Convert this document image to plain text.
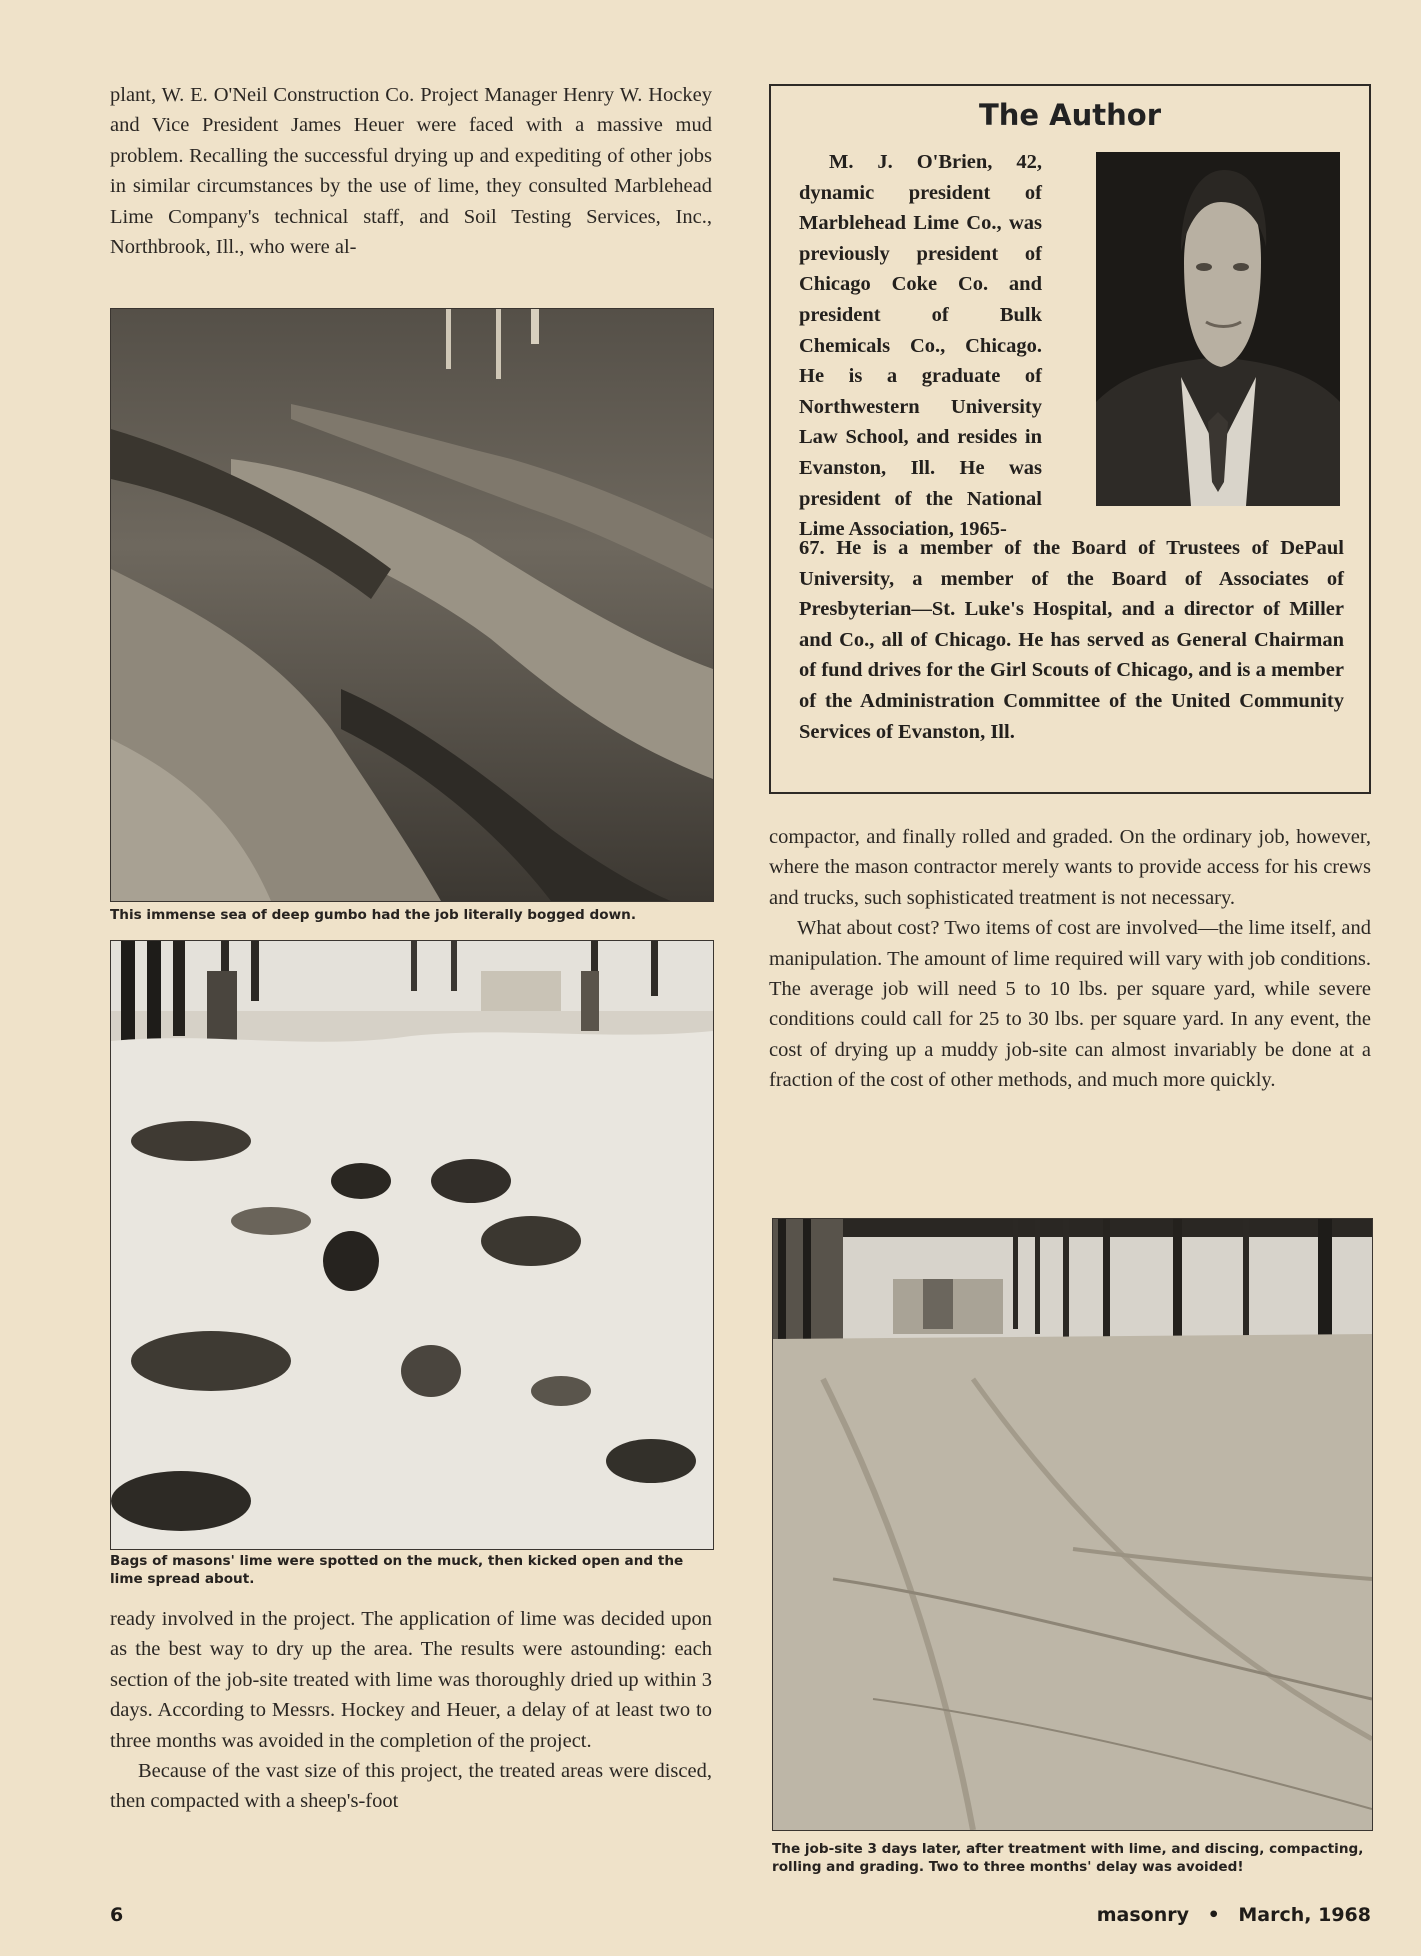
plant, W. E. O'Neil Construction Co. Project Manager Henry W. Hockey and Vice President James Heuer were faced with a massive mud problem. Recalling the successful drying up and expediting of other jobs in similar circumstances by the use of lime, they consulted Marblehead Lime Company's technical staff, and Soil Testing Services, Inc., Northbrook, Ill., who were al-

This immense sea of deep gumbo had the job literally bogged down.
Bags of masons' lime were spotted on the muck, then kicked open and the lime spread about.

ready involved in the project. The application of lime was decided upon as the best way to dry up the area. The results were astounding: each section of the job-site treated with lime was thoroughly dried up within 3 days. According to Messrs. Hockey and Heuer, a delay of at least two to three months was avoided in the completion of the project.

Because of the vast size of this project, the treated areas were disced, then compacted with a sheep's-foot

The Author
M. J. O'Brien, 42, dynamic president of Marblehead Lime Co., was previously president of Chicago Coke Co. and president of Bulk Chemicals Co., Chicago. He is a graduate of Northwestern University Law School, and resides in Evanston, Ill. He was president of the National Lime Association, 1965-
67. He is a member of the Board of Trustees of DePaul University, a member of the Board of Associates of Presbyterian—St. Luke's Hospital, and a director of Miller and Co., all of Chicago. He has served as General Chairman of fund drives for the Girl Scouts of Chicago, and is a member of the Administration Committee of the United Community Services of Evanston, Ill.

compactor, and finally rolled and graded. On the ordinary job, however, where the mason contractor merely wants to provide access for his crews and trucks, such sophisticated treatment is not necessary.

What about cost? Two items of cost are involved—the lime itself, and manipulation. The amount of lime required will vary with job conditions. The average job will need 5 to 10 lbs. per square yard, while severe conditions could call for 25 to 30 lbs. per square yard. In any event, the cost of drying up a muddy job-site can almost invariably be done at a fraction of the cost of other methods, and much more quickly.

The job-site 3 days later, after treatment with lime, and discing, compacting, rolling and grading. Two to three months' delay was avoided!
6	masonry • March, 1968
